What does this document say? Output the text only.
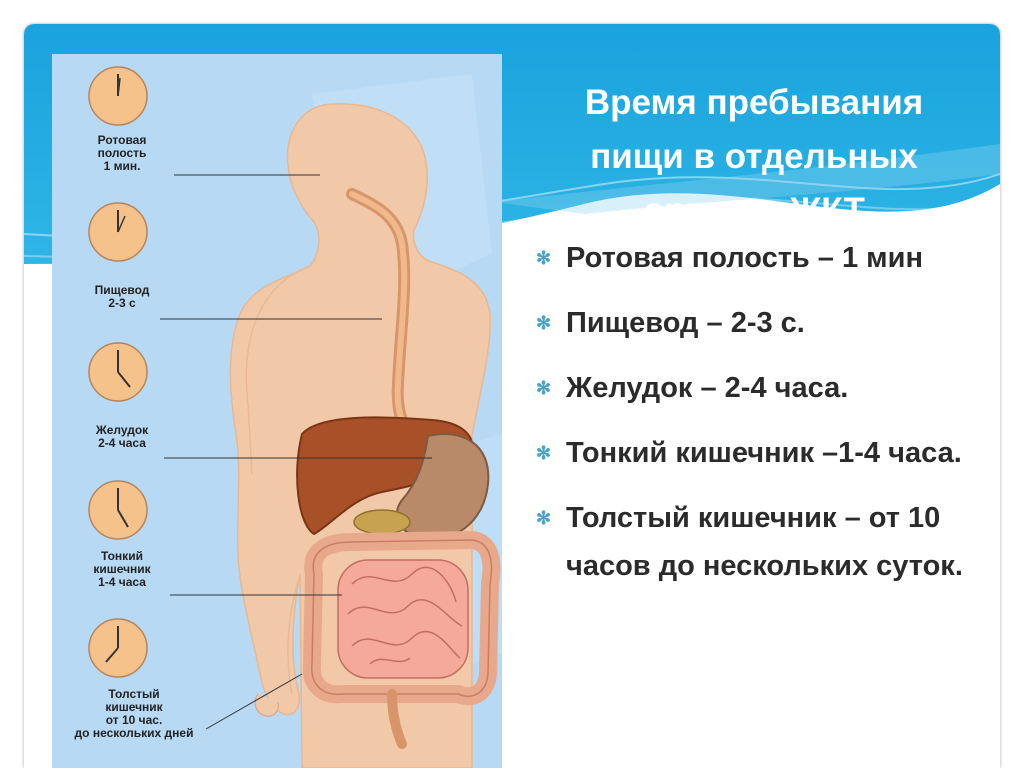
Ротовая
полость
1 мин.
Пищевод
2-3 с
Желудок
2-4 часа
Тонкий
кишечник
1-4 часа
Толстый
кишечник
от 10 час.
до нескольких дней
Время пребывания пищи в отдельных органах ЖКТ
✻ Ротовая полость – 1 мин
✻ Пищевод – 2-3 с.
✻ Желудок – 2-4 часа.
✻ Тонкий кишечник –1-4 часа.
✻ Толстый кишечник – от 10 часов до нескольких суток.
